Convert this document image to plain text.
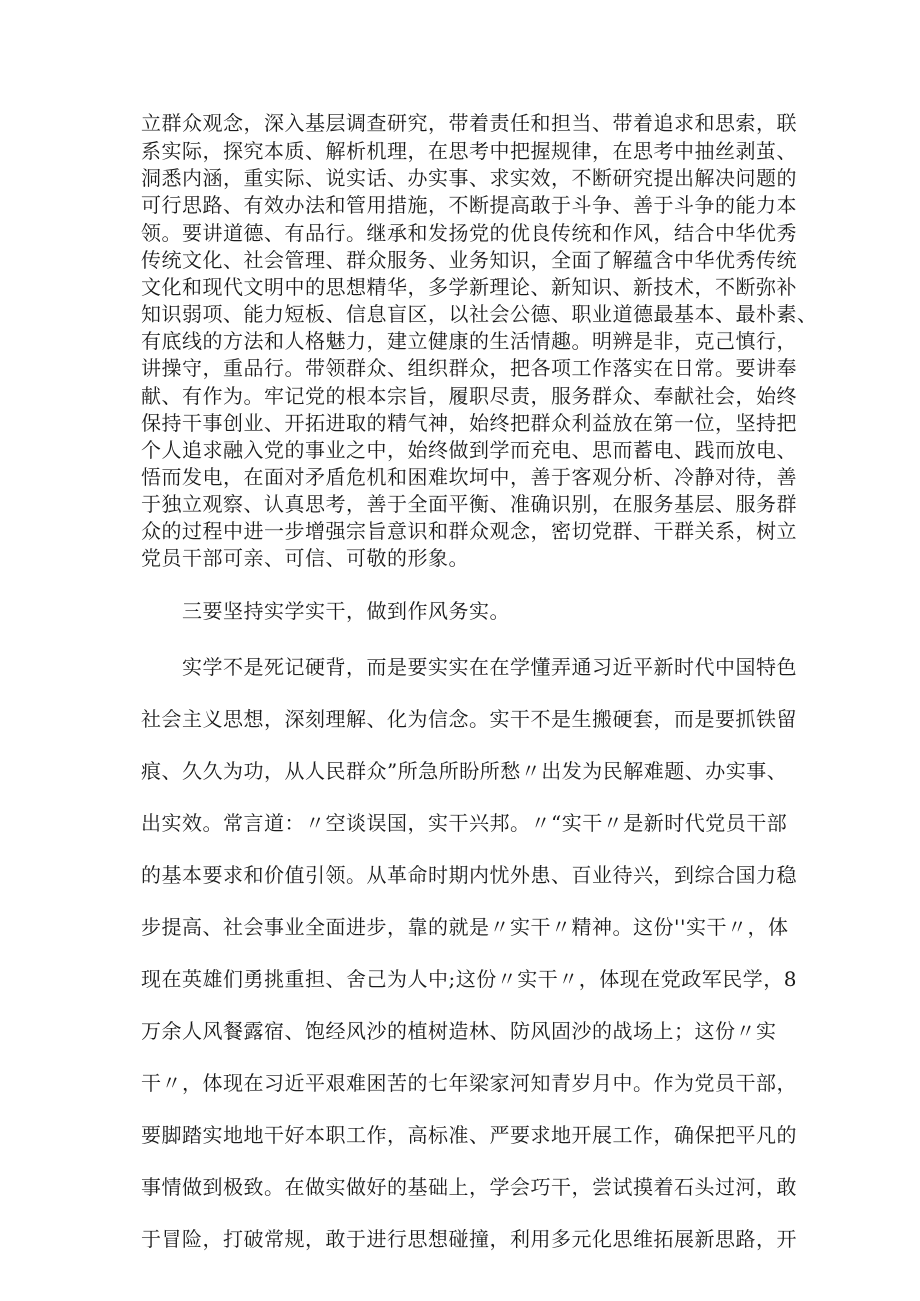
立群众观念，深入基层调查研究，带着责任和担当、带着追求和思索，联
系实际，探究本质、解析机理，在思考中把握规律，在思考中抽丝剥茧、
洞悉内涵，重实际、说实话、办实事、求实效，不断研究提出解决问题的
可行思路、有效办法和管用措施，不断提高敢于斗争、善于斗争的能力本
领。要讲道德、有品行。继承和发扬党的优良传统和作风，结合中华优秀
传统文化、社会管理、群众服务、业务知识，全面了解蕴含中华优秀传统
文化和现代文明中的思想精华，多学新理论、新知识、新技术，不断弥补
知识弱项、能力短板、信息盲区，以社会公德、职业道德最基本、最朴素、
有底线的方法和人格魅力，建立健康的生活情趣。明辨是非，克己慎行，
讲操守，重品行。带领群众、组织群众，把各项工作落实在日常。要讲奉
献、有作为。牢记党的根本宗旨，履职尽责，服务群众、奉献社会，始终
保持干事创业、开拓进取的精气神，始终把群众利益放在第一位，坚持把
个人追求融入党的事业之中，始终做到学而充电、思而蓄电、践而放电、
悟而发电，在面对矛盾危机和困难坎坷中，善于客观分析、冷静对待，善
于独立观察、认真思考，善于全面平衡、准确识别，在服务基层、服务群
众的过程中进一步增强宗旨意识和群众观念，密切党群、干群关系，树立
党员干部可亲、可信、可敬的形象。
三要坚持实学实干，做到作风务实。
实学不是死记硬背，而是要实实在在学懂弄通习近平新时代中国特色
社会主义思想，深刻理解、化为信念。实干不是生搬硬套，而是要抓铁留
痕、久久为功，从人民群众”所急所盼所愁〃出发为民解难题、办实事、
出实效。常言道：〃空谈误国，实干兴邦。〃“实干〃是新时代党员干部
的基本要求和价值引领。从革命时期内忧外患、百业待兴，到综合国力稳
步提高、社会事业全面进步，靠的就是〃实干〃精神。这份''实干〃，体
现在英雄们勇挑重担、舍己为人中;这份〃实干〃，体现在党政军民学，8
万余人风餐露宿、饱经风沙的植树造林、防风固沙的战场上；这份〃实
干〃，体现在习近平艰难困苦的七年梁家河知青岁月中。作为党员干部，
要脚踏实地地干好本职工作，高标准、严要求地开展工作，确保把平凡的
事情做到极致。在做实做好的基础上，学会巧干，尝试摸着石头过河，敢
于冒险，打破常规，敢于进行思想碰撞，利用多元化思维拓展新思路，开
